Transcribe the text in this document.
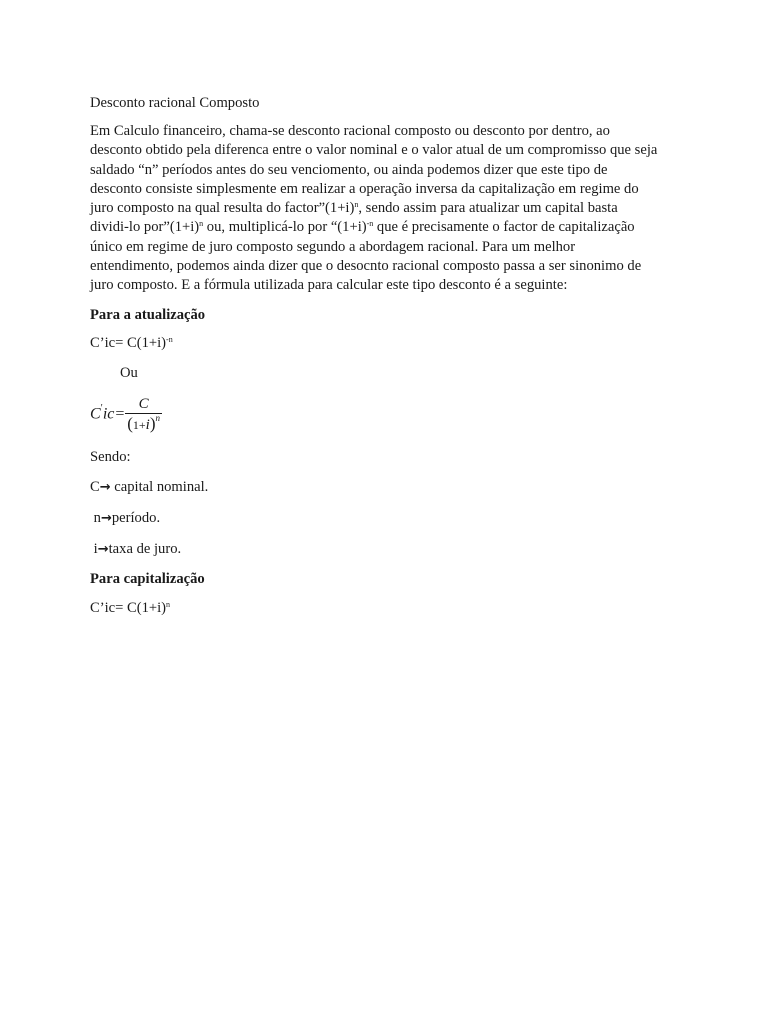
Desconto racional Composto

Em Calculo financeiro, chama-se desconto racional composto ou desconto por dentro, ao

desconto obtido pela diferenca entre o valor nominal e o valor atual de um compromisso que seja

saldado “n” períodos antes do seu venciomento, ou ainda podemos dizer que este tipo de

desconto consiste simplesmente em realizar a operação inversa da capitalização em regime do

juro composto na qual resulta do $factor”(1+i)^n$, sendo assim para atualizar um capital basta

dividi-lo $por”(1+i)^n$ ou, multiplicá-lo por “$(1+i)^{-n}$ que é precisamente o factor de capitalização

único em regime de juro composto segundo a abordagem racional. Para um melhor

entendimento, podemos ainda dizer que o desocnto racional composto passa a ser sinonimo de

juro composto. E a fórmula utilizada para calcular este tipo desconto é a seguinte:

Para a atualização
C’ic= $C(1+i)^{-n}$
Ou
$C'ic= \frac{C}{(1+i)^n}$
Sendo:
C→ capital nominal.
n→período.
i→taxa de juro.
Para capitalização
C’ic= $C(1+i)^n$
